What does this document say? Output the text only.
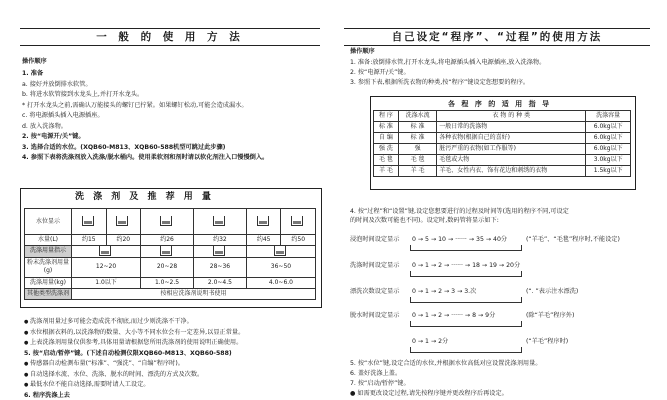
一 般 的 使 用 方 法
操作顺序
1. 准备
a. 接好并放倒排水软管。
b. 将进水软管接到水龙头上,并打开水龙头。
* 打开水龙头之前,需确认万能接头的螺钉已拧紧。如果螺钉松动,可能会造成漏水。
c. 将电源插头插入电源插座。
d. 放入洗涤物。
2. 按“电源开/关”键。
3. 选择合适的水位。(XQB60-M813、XQB60-588机型可跳过此步骤)
4. 参照下表将洗涤剂放入洗涤/脱水桶内。使用柔软剂和剂时请以软化剂注入口慢慢倒入。
洗 涤 剂 及 推 荐 用 量
水位显示						
水量(L)	约15	约20	约26	约32	约45	约50
洗涤用量指示						
粉末洗涤剂用量(g)	12~20		20~28	28~36	36~50	
洗涤用量(kg)	1.0以下		1.0~2.5	2.0~4.5	4.0~6.0	
其他类型洗涤剂	按相应洗涤剂说明书使用					
● 洗涤剂用量过多可能会造成洗不彻底,而过少则洗涤不干净。
● 水位根据衣料的,以洗涤物的数量、大小等不同水位会有一定差异,以显正常量。
● 上表洗涤剂用量仅供参考,具体用量请根据您所用洗涤剂的使用说明正确使用。
5. 按“启动/暂停”键。(下述自动检测仪限XQB60-M813、XQB60-588)
● 传感器自动检测布量(“标准”、“强洗”、“自编”程序时)。
● 自动选择水流、水位、洗涤、脱水的时间、漂洗的方式及次数。
● 最低水位不能自动选择,需要时请人工设定。
6. 程序洗涤上去
自己设定“程序”、“过程”的使用方法
操作顺序
1. 准备:放倒排水管,打开水龙头,将电源插头插入电源插座,放入洗涤物。
2. 按“电源开/关”键。
3. 参照下表,根据所洗衣物的种类,按“程序”键设定您想要的程序。
各 程 序 的 适 用 指 导
程 序	洗涤水流	衣 物 的 种 类	洗涤容量
标 准	标 准	一般日常的洗涤物	6.0kg以下
自 编	标 准	各种衣物(根据自己的喜好)	6.0kg以下
强 洗	强	脏污严重的衣物(如工作服等)	6.0kg以下
毛 毯	毛 毯	毛毯或大物	3.0kg以下
羊 毛	羊 毛	羊毛、女性内衣、饰有花边和刺绣的衣物	1.5kg以下
4. 按“过程”和“设置”键,设定您想要进行的过程及时间等(选用的程序不同,可设定
的时间及次数可能也不同)。设定时,数码管将显示如下:
浸泡时间设定显示 0 → 5 → 10 → ······ → 35 → 40分	(“羊毛”、“毛毯”程序时,不能设定)
洗涤时间设定显示 0 → 1 → 2 → ······ → 18 → 19 → 20分
漂洗次数设定显示 0 → 1 → 2 → 3 → 3.次	(“. ”表示注水漂洗)
脱水时间设定显示 0 → 1 → 2 → ······ → 8 → 9分	(除“羊毛”程序外)
0 → 1 → 2分	(“羊毛”程序时)
5. 按“水位”键,设定合适的水位,并根据水位高低对应设置洗涤剂用量。
6. 盖好洗涤上盖。
7. 按“启动/暂停”键。
● 如需更改设定过程,请先按程序键并更改程序后再设定。
